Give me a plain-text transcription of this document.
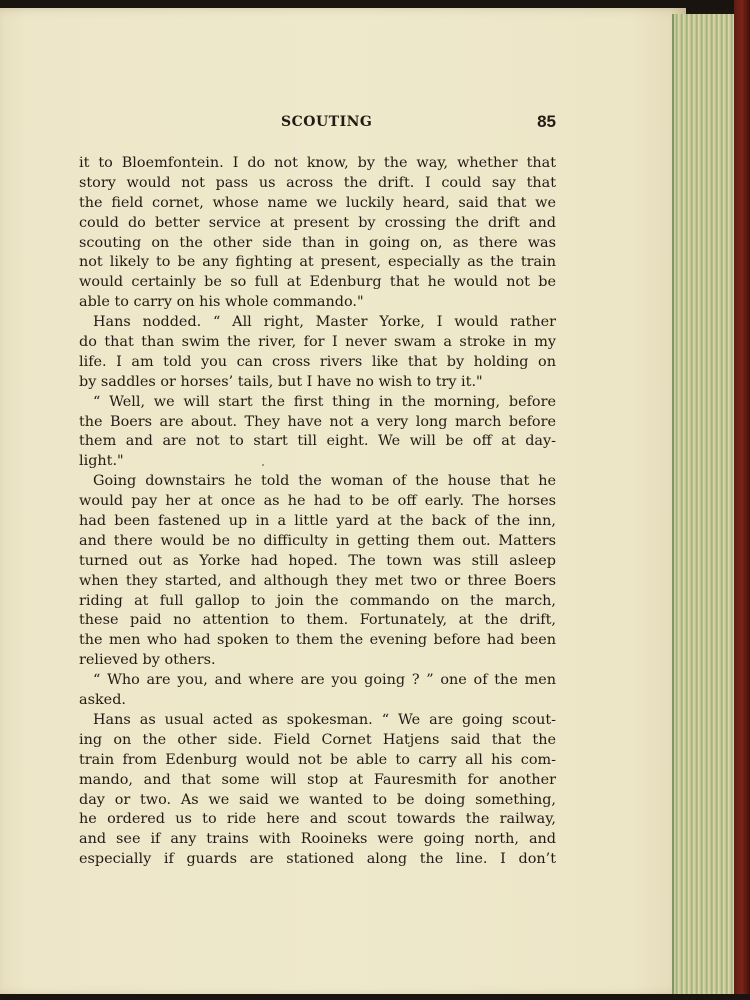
SCOUTING	85
it to Bloemfontein. I do not know, by the way, whether that
story would not pass us across the drift. I could say that
the field cornet, whose name we luckily heard, said that we
could do better service at present by crossing the drift and
scouting on the other side than in going on, as there was
not likely to be any fighting at present, especially as the train
would certainly be so full at Edenburg that he would not be
able to carry on his whole commando."
Hans nodded. “ All right, Master Yorke, I would rather
do that than swim the river, for I never swam a stroke in my
life. I am told you can cross rivers like that by holding on
by saddles or horses’ tails, but I have no wish to try it."
“ Well, we will start the first thing in the morning, before
the Boers are about. They have not a very long march before
them and are not to start till eight. We will be off at day-
light."
Going downstairs he told the woman of the house that he
would pay her at once as he had to be off early. The horses
had been fastened up in a little yard at the back of the inn,
and there would be no difficulty in getting them out. Matters
turned out as Yorke had hoped. The town was still asleep
when they started, and although they met two or three Boers
riding at full gallop to join the commando on the march,
these paid no attention to them. Fortunately, at the drift,
the men who had spoken to them the evening before had been
relieved by others.
“ Who are you, and where are you going ? ” one of the men
asked.
Hans as usual acted as spokesman. “ We are going scout-
ing on the other side. Field Cornet Hatjens said that the
train from Edenburg would not be able to carry all his com-
mando, and that some will stop at Fauresmith for another
day or two. As we said we wanted to be doing something,
he ordered us to ride here and scout towards the railway,
and see if any trains with Rooineks were going north, and
especially if guards are stationed along the line. I don’t
